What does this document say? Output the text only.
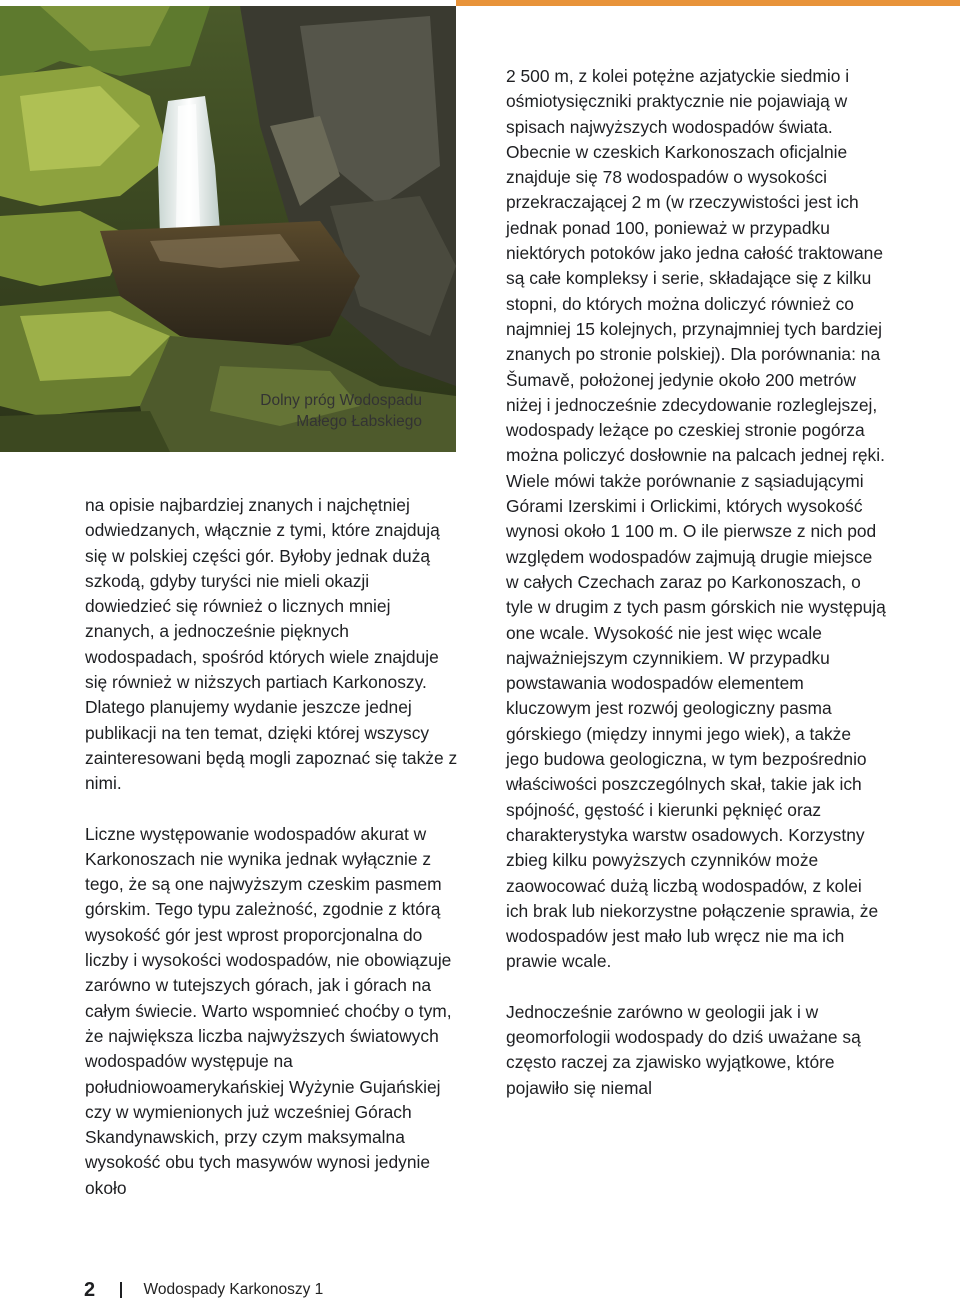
Dolny próg Wodospadu
Małego Łabskiego

na opisie najbardziej znanych i najchętniej odwiedzanych, włącznie z tymi, które znajdują się w polskiej części gór. Byłoby jednak dużą szkodą, gdyby turyści nie mieli okazji dowiedzieć się również o licznych mniej znanych, a jednocześnie pięknych wodospadach, spośród których wiele znajduje się również w niższych partiach Karkonoszy. Dlatego planujemy wydanie jeszcze jednej publikacji na ten temat, dzięki której wszyscy zainteresowani będą mogli zapoznać się także z nimi.

Liczne występowanie wodospadów akurat w Karkonoszach nie wynika jednak wyłącznie z tego, że są one najwyższym czeskim pasmem górskim. Tego typu zależność, zgodnie z którą wysokość gór jest wprost proporcjonalna do liczby i wysokości wodospadów, nie obowiązuje zarówno w tutejszych górach, jak i górach na całym świecie. Warto wspomnieć choćby o tym, że największa liczba najwyższych światowych wodospadów występuje na południowoamerykańskiej Wyżynie Gujańskiej czy w wymienionych już wcześniej Górach Skandynawskich, przy czym maksymalna wysokość obu tych masywów wynosi jedynie około

2 500 m, z kolei potężne azjatyckie siedmio i ośmiotysięczniki praktycznie nie pojawiają w spisach najwyższych wodospadów świata. Obecnie w czeskich Karkonoszach oficjalnie znajduje się 78 wodospadów o wysokości przekraczającej 2 m (w rzeczywistości jest ich jednak ponad 100, ponieważ w przypadku niektórych potoków jako jedna całość traktowane są całe kompleksy i serie, składające się z kilku stopni, do których można doliczyć również co najmniej 15 kolejnych, przynajmniej tych bardziej znanych po stronie polskiej). Dla porównania: na Šumavě, położonej jedynie około 200 metrów niżej i jednocześnie zdecydowanie rozleglejszej, wodospady leżące po czeskiej stronie pogórza można policzyć dosłownie na palcach jednej ręki. Wiele mówi także porównanie z sąsiadującymi Górami Izerskimi i Orlickimi, których wysokość wynosi około 1 100 m. O ile pierwsze z nich pod względem wodospadów zajmują drugie miejsce w całych Czechach zaraz po Karkonoszach, o tyle w drugim z tych pasm górskich nie występują one wcale. Wysokość nie jest więc wcale najważniejszym czynnikiem. W przypadku powstawania wodospadów elementem kluczowym jest rozwój geologiczny pasma górskiego (między innymi jego wiek), a także jego budowa geologiczna, w tym bezpośrednio właściwości poszczególnych skał, takie jak ich spójność, gęstość i kierunki pęknięć oraz charakterystyka warstw osadowych. Korzystny zbieg kilku powyższych czynników może zaowocować dużą liczbą wodospadów, z kolei ich brak lub niekorzystne połączenie sprawia, że wodospadów jest mało lub wręcz nie ma ich prawie wcale.

Jednocześnie zarówno w geologii jak i w geomorfologii wodospady do dziś uważane są często raczej za zjawisko wyjątkowe, które pojawiło się niemal

2	Wodospady Karkonoszy 1
